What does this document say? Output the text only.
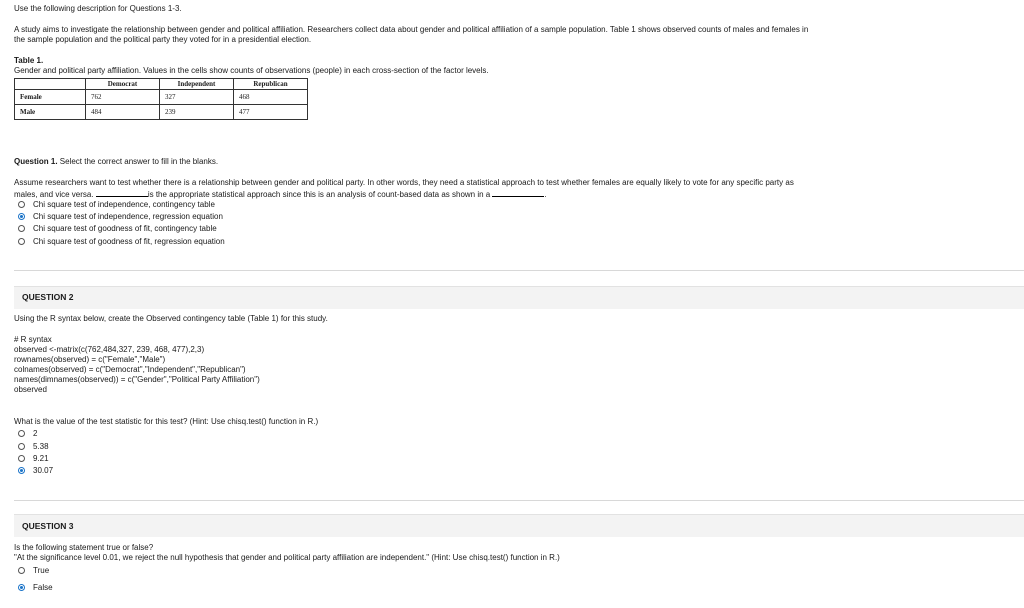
Use the following description for Questions 1-3.
A study aims to investigate the relationship between gender and political affiliation. Researchers collect data about gender and political affiliation of a sample population. Table 1 shows observed counts of males and females in
the sample population and the political party they voted for in a presidential election.
Table 1.
Gender and political party affiliation. Values in the cells show counts of observations (people) in each cross-section of the factor levels.
	Democrat	Independent	Republican
Female	762	327	468
Male	484	239	477
Question 1. Select the correct answer to fill in the blanks.
Assume researchers want to test whether there is a relationship between gender and political party. In other words, they need a statistical approach to test whether females are equally likely to vote for any specific party as
males, and vice versa.	is the appropriate statistical approach since this is an analysis of count-based data as shown in a	.
Chi square test of independence, contingency table
Chi square test of independence, regression equation
Chi square test of goodness of fit, contingency table
Chi square test of goodness of fit, regression equation
QUESTION 2
Using the R syntax below, create the Observed contingency table (Table 1) for this study.
# R syntax
observed <-matrix(c(762,484,327, 239, 468, 477),2,3)
rownames(observed) = c("Female","Male")
colnames(observed) = c("Democrat","Independent","Republican")
names(dimnames(observed)) = c("Gender","Political Party Affiliation")
observed
What is the value of the test statistic for this test? (Hint: Use chisq.test() function in R.)
2
5.38
9.21
30.07
QUESTION 3
Is the following statement true or false?
"At the significance level 0.01, we reject the null hypothesis that gender and political party affiliation are independent." (Hint: Use chisq.test() function in R.)
True
False
